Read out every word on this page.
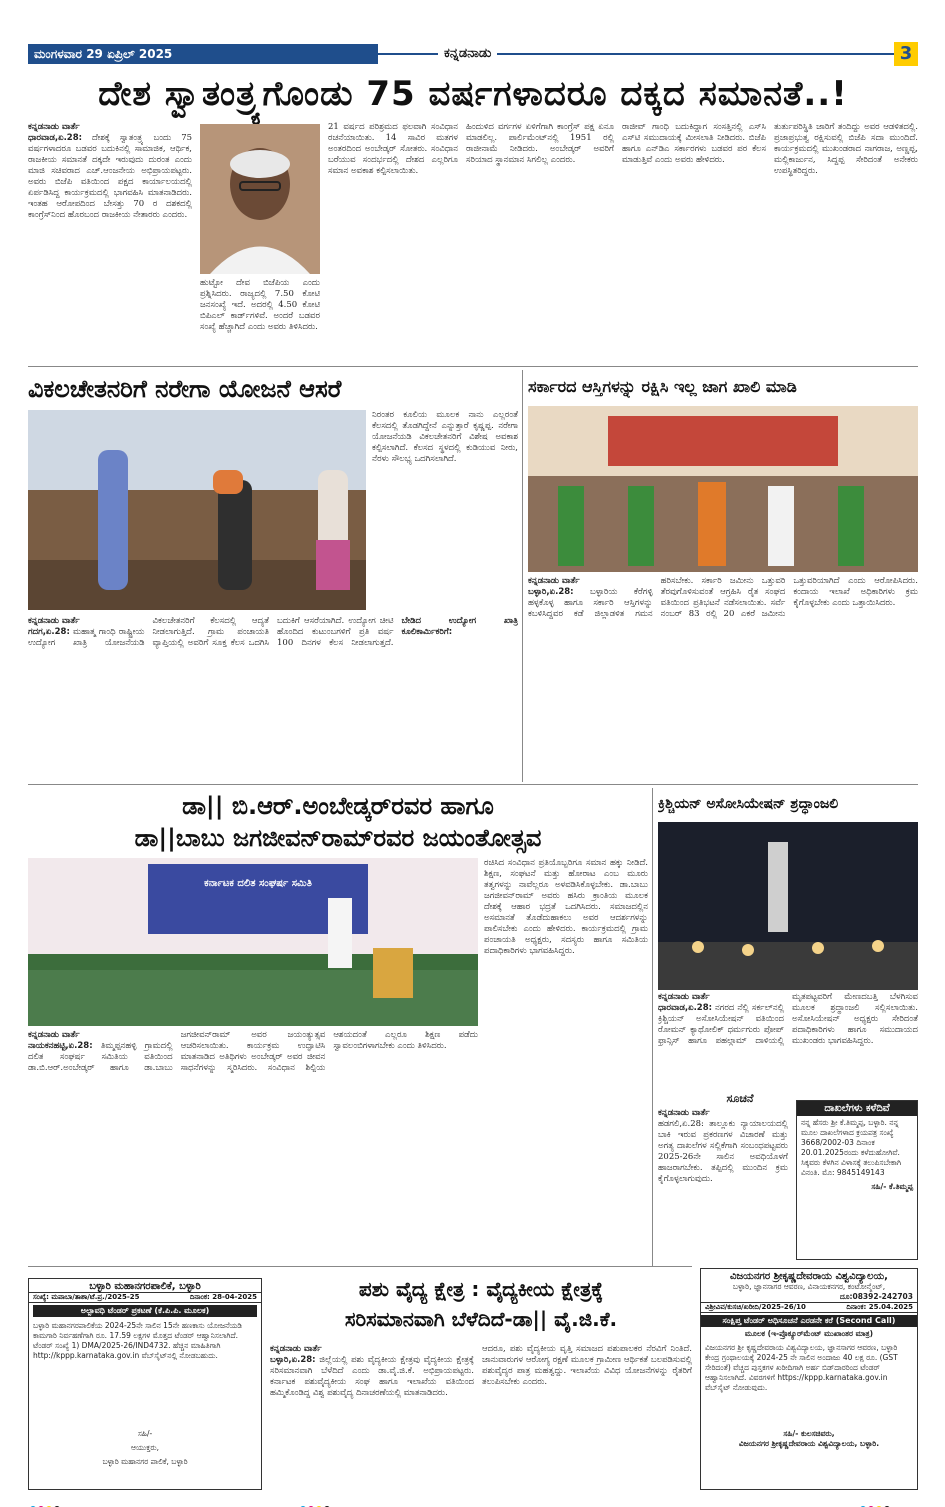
ಮಂಗಳವಾರ 29 ಏಪ್ರಿಲ್ 2025	ಕನ್ನಡನಾಡು	3
ದೇಶ ಸ್ವಾತಂತ್ರ್ಯಗೊಂಡು 75 ವರ್ಷಗಳಾದರೂ ದಕ್ಕದ ಸಮಾನತೆ..!
ಕನ್ನಡನಾಡು ವಾರ್ತೆ
ಧಾರವಾಡ,ಏ.28: ದೇಶಕ್ಕೆ ಸ್ವಾತಂತ್ರ್ಯ ಬಂದು 75 ವರ್ಷಗಳಾದರೂ ಬಡವರ ಬದುಕಿನಲ್ಲಿ ಸಾಮಾಜಿಕ, ಆರ್ಥಿಕ, ರಾಜಕೀಯ ಸಮಾನತೆ ದಕ್ಕದೇ ಇರುವುದು ದುರಂತ ಎಂದು ಮಾಜಿ ಸಚಿವರಾದ ಎಚ್.ಆಂಜನೇಯ ಅಭಿಪ್ರಾಯಪಟ್ಟರು. ಅವರು ಬಿಜೆಪಿ ವತಿಯಿಂದ ಪಕ್ಷದ ಕಾರ್ಯಾಲಯದಲ್ಲಿ ಏರ್ಪಡಿಸಿದ್ದ ಕಾರ್ಯಕ್ರಮದಲ್ಲಿ ಭಾಗವಹಿಸಿ ಮಾತನಾಡಿದರು. ಇಂತಹ ಆರೋಪದಿಂದ ಬೇಸತ್ತು 70 ರ ದಶಕದಲ್ಲಿ ಕಾಂಗ್ರೆಸ್‌ನಿಂದ ಹೊರಬಂದ ರಾಜಕೀಯ ನೇತಾರರು ಎಂದರು.
ಹುಟ್ಟೋ ದೇವ ಬಿಜೆಪಿಯ ಎಂದು ಪ್ರಶ್ನಿಸಿದರು. ರಾಜ್ಯದಲ್ಲಿ 7.50 ಕೋಟಿ ಜನಸಂಖ್ಯೆ ಇದೆ. ಅದರಲ್ಲಿ 4.50 ಕೋಟಿ ಬಿಪಿಎಲ್ ಕಾರ್ಡ್‌ಗಳಿವೆ. ಅಂದರೆ ಬಡವರ ಸಂಖ್ಯೆ ಹೆಚ್ಚಾಗಿದೆ ಎಂದು ಅವರು ತಿಳಿಸಿದರು.
21 ವರ್ಷದ ಪರಿಶ್ರಮದ ಫಲವಾಗಿ ಸಂವಿಧಾನ ರಚನೆಯಾಯಿತು. 14 ಸಾವಿರ ಮತಗಳ ಅಂತರದಿಂದ ಅಂಬೇಡ್ಕರ್ ಸೋತರು. ಸಂವಿಧಾನ ಬರೆಯುವ ಸಂದರ್ಭದಲ್ಲಿ ದೇಶದ ಎಲ್ಲರಿಗೂ ಸಮಾನ ಅವಕಾಶ ಕಲ್ಪಿಸಲಾಯಿತು.
ಹಿಂದುಳಿದ ವರ್ಗಗಳ ಏಳಿಗೆಗಾಗಿ ಕಾಂಗ್ರೆಸ್ ಪಕ್ಷ ಏನೂ ಮಾಡಲಿಲ್ಲ. ಪಾರ್ಲಿಮೆಂಟ್‌ನಲ್ಲಿ 1951 ರಲ್ಲಿ ರಾಜೀನಾಮೆ ನೀಡಿದರು. ಅಂಬೇಡ್ಕರ್ ಅವರಿಗೆ ಸರಿಯಾದ ಸ್ಥಾನಮಾನ ಸಿಗಲಿಲ್ಲ ಎಂದರು.
ರಾಜೀವ್ ಗಾಂಧಿ ಬದುಕಿದ್ದಾಗ ಸಂಸತ್ತಿನಲ್ಲಿ ಎಸ್‌ಸಿ ಎಸ್‌ಟಿ ಸಮುದಾಯಕ್ಕೆ ಮೀಸಲಾತಿ ನೀಡಿದರು. ಬಿಜೆಪಿ ಹಾಗೂ ಎನ್‌ಡಿಎ ಸರ್ಕಾರಗಳು ಬಡವರ ಪರ ಕೆಲಸ ಮಾಡುತ್ತಿವೆ ಎಂದು ಅವರು ಹೇಳಿದರು.
ತುರ್ತುಪರಿಸ್ಥಿತಿ ಜಾರಿಗೆ ತಂದಿದ್ದು ಅವರ ಆಡಳಿತದಲ್ಲಿ. ಪ್ರಜಾಪ್ರಭುತ್ವ ರಕ್ಷಿಸುವಲ್ಲಿ ಬಿಜೆಪಿ ಸದಾ ಮುಂದಿದೆ. ಕಾರ್ಯಕ್ರಮದಲ್ಲಿ ಮುಖಂಡರಾದ ನಾಗರಾಜ, ಅಣ್ಣಪ್ಪ, ಮಲ್ಲಿಕಾರ್ಜುನ, ಸಿದ್ದಪ್ಪ ಸೇರಿದಂತೆ ಅನೇಕರು ಉಪಸ್ಥಿತರಿದ್ದರು.
ವಿಕಲಚೇತನರಿಗೆ ನರೇಗಾ ಯೋಜನೆ ಆಸರೆ
ನಿರಂತರ ಕೂಲಿಯ ಮೂಲಕ ನಾನು ಎಲ್ಲರಂತೆ ಕೆಲಸದಲ್ಲಿ ತೊಡಗಿದ್ದೇನೆ ಎನ್ನುತ್ತಾರೆ ಕೃಷ್ಣಪ್ಪ. ನರೇಗಾ ಯೋಜನೆಯಡಿ ವಿಕಲಚೇತನರಿಗೆ ವಿಶೇಷ ಅವಕಾಶ ಕಲ್ಪಿಸಲಾಗಿದೆ. ಕೆಲಸದ ಸ್ಥಳದಲ್ಲಿ ಕುಡಿಯುವ ನೀರು, ನೆರಳು ಸೌಲಭ್ಯ ಒದಗಿಸಲಾಗಿದೆ.
ಕನ್ನಡನಾಡು ವಾರ್ತೆ
ಗದಗ,ಏ.28: ಮಹಾತ್ಮ ಗಾಂಧಿ ರಾಷ್ಟ್ರೀಯ ಉದ್ಯೋಗ ಖಾತ್ರಿ ಯೋಜನೆಯಡಿ ವಿಕಲಚೇತನರಿಗೆ ಕೆಲಸದಲ್ಲಿ ಆದ್ಯತೆ ನೀಡಲಾಗುತ್ತಿದೆ. ಗ್ರಾಮ ಪಂಚಾಯತಿ ವ್ಯಾಪ್ತಿಯಲ್ಲಿ ಅವರಿಗೆ ಸೂಕ್ತ ಕೆಲಸ ಒದಗಿಸಿ ಬದುಕಿಗೆ ಆಸರೆಯಾಗಿದೆ. ಉದ್ಯೋಗ ಚೀಟಿ ಹೊಂದಿದ ಕುಟುಂಬಗಳಿಗೆ ಪ್ರತಿ ವರ್ಷ 100 ದಿನಗಳ ಕೆಲಸ ನೀಡಲಾಗುತ್ತದೆ. ಬೇಡಿದ ಉದ್ಯೋಗ ಖಾತ್ರಿ ಕೂಲಿಕಾರ್ಮಿಕರಿಗೆ:
ಸರ್ಕಾರದ ಆಸ್ತಿಗಳನ್ನು ರಕ್ಷಿಸಿ ಇಲ್ಲ ಜಾಗ ಖಾಲಿ ಮಾಡಿ
ಕನ್ನಡನಾಡು ವಾರ್ತೆ
ಬಳ್ಳಾರಿ,ಏ.28: ಬಳ್ಳಾರಿಯ ಕೆರೆಗಳ್ಳಿ ಹಳ್ಳಕೊಳ್ಳ ಹಾಗೂ ಸರ್ಕಾರಿ ಆಸ್ತಿಗಳನ್ನು ಕಬಳಿಸಿದ್ದವರ ಕಡೆ ಜಿಲ್ಲಾಡಳಿತ ಗಮನ ಹರಿಸಬೇಕು. ಸರ್ಕಾರಿ ಜಮೀನು ಒತ್ತುವರಿ ತೆರವುಗೊಳಿಸುವಂತೆ ಆಗ್ರಹಿಸಿ ರೈತ ಸಂಘದ ವತಿಯಿಂದ ಪ್ರತಿಭಟನೆ ನಡೆಸಲಾಯಿತು. ಸರ್ವೆ ನಂಬರ್ 83 ರಲ್ಲಿ 20 ಎಕರೆ ಜಮೀನು ಒತ್ತುವರಿಯಾಗಿದೆ ಎಂದು ಆರೋಪಿಸಿದರು. ಕಂದಾಯ ಇಲಾಖೆ ಅಧಿಕಾರಿಗಳು ಕ್ರಮ ಕೈಗೊಳ್ಳಬೇಕು ಎಂದು ಒತ್ತಾಯಿಸಿದರು.
ಡಾ|| ಬಿ.ಆರ್.ಅಂಬೇಡ್ಕರ್‌ರವರ ಹಾಗೂ
ಡಾ||ಬಾಬು ಜಗಜೀವನ್‌ರಾಮ್‌ರವರ ಜಯಂತೋತ್ಸವ
ಕರ್ನಾಟಕ ದಲಿತ ಸಂಘರ್ಷ ಸಮಿತಿ
ರಚಿಸಿದ ಸಂವಿಧಾನ ಪ್ರತಿಯೊಬ್ಬರಿಗೂ ಸಮಾನ ಹಕ್ಕು ನೀಡಿದೆ. ಶಿಕ್ಷಣ, ಸಂಘಟನೆ ಮತ್ತು ಹೋರಾಟ ಎಂಬ ಮೂರು ತತ್ವಗಳನ್ನು ನಾವೆಲ್ಲರೂ ಅಳವಡಿಸಿಕೊಳ್ಳಬೇಕು. ಡಾ.ಬಾಬು ಜಗಜೀವನ್‌ರಾಮ್ ಅವರು ಹಸಿರು ಕ್ರಾಂತಿಯ ಮೂಲಕ ದೇಶಕ್ಕೆ ಆಹಾರ ಭದ್ರತೆ ಒದಗಿಸಿದರು. ಸಮಾಜದಲ್ಲಿನ ಅಸಮಾನತೆ ತೊಡೆದುಹಾಕಲು ಅವರ ಆದರ್ಶಗಳನ್ನು ಪಾಲಿಸಬೇಕು ಎಂದು ಹೇಳಿದರು. ಕಾರ್ಯಕ್ರಮದಲ್ಲಿ ಗ್ರಾಮ ಪಂಚಾಯತಿ ಅಧ್ಯಕ್ಷರು, ಸದಸ್ಯರು ಹಾಗೂ ಸಮಿತಿಯ ಪದಾಧಿಕಾರಿಗಳು ಭಾಗವಹಿಸಿದ್ದರು.
ಕನ್ನಡನಾಡು ವಾರ್ತೆ
ನಾಯಕನಹಟ್ಟಿ,ಏ.28: ತಿಮ್ಮಪ್ಪನಹಳ್ಳಿ ಗ್ರಾಮದಲ್ಲಿ ದಲಿತ ಸಂಘರ್ಷ ಸಮಿತಿಯ ವತಿಯಿಂದ ಡಾ.ಬಿ.ಆರ್.ಅಂಬೇಡ್ಕರ್ ಹಾಗೂ ಡಾ.ಬಾಬು ಜಗಜೀವನ್‌ರಾಮ್ ಅವರ ಜಯಂತ್ಯುತ್ಸವ ಆಚರಿಸಲಾಯಿತು. ಕಾರ್ಯಕ್ರಮ ಉದ್ಘಾಟಿಸಿ ಮಾತನಾಡಿದ ಅತಿಥಿಗಳು ಅಂಬೇಡ್ಕರ್ ಅವರ ಜೀವನ ಸಾಧನೆಗಳನ್ನು ಸ್ಮರಿಸಿದರು. ಸಂವಿಧಾನ ಶಿಲ್ಪಿಯ ಆಶಯದಂತೆ ಎಲ್ಲರೂ ಶಿಕ್ಷಣ ಪಡೆದು ಸ್ವಾವಲಂಬಿಗಳಾಗಬೇಕು ಎಂದು ತಿಳಿಸಿದರು.
ಕ್ರಿಶ್ಚಿಯನ್ ಅಸೋಸಿಯೇಷನ್ ಶ್ರದ್ಧಾಂಜಲಿ
ಕನ್ನಡನಾಡು ವಾರ್ತೆ
ಧಾರವಾಡ,ಏ.28: ನಗರದ ನೆಲ್ಲಿ ಸರ್ಕಲ್‌ನಲ್ಲಿ ಕ್ರಿಶ್ಚಿಯನ್ ಅಸೋಸಿಯೇಷನ್ ವತಿಯಿಂದ ರೋಮನ್ ಕ್ಯಾಥೋಲಿಕ್ ಧರ್ಮಗುರು ಪೋಪ್ ಫ್ರಾನ್ಸಿಸ್ ಹಾಗೂ ಪಹಲ್ಗಾಮ್ ದಾಳಿಯಲ್ಲಿ ಮೃತಪಟ್ಟವರಿಗೆ ಮೇಣದಬತ್ತಿ ಬೆಳಗಿಸುವ ಮೂಲಕ ಶ್ರದ್ಧಾಂಜಲಿ ಸಲ್ಲಿಸಲಾಯಿತು. ಅಸೋಸಿಯೇಷನ್ ಅಧ್ಯಕ್ಷರು ಸೇರಿದಂತೆ ಪದಾಧಿಕಾರಿಗಳು ಹಾಗೂ ಸಮುದಾಯದ ಮುಖಂಡರು ಭಾಗವಹಿಸಿದ್ದರು.
ಸೂಚನೆ
ಕನ್ನಡನಾಡು ವಾರ್ತೆ
ಹಡಗಲಿ,ಏ.28: ತಾಲ್ಲೂಕು ನ್ಯಾಯಾಲಯದಲ್ಲಿ ಬಾಕಿ ಇರುವ ಪ್ರಕರಣಗಳ ವಿಚಾರಣೆ ಮತ್ತು ಅಗತ್ಯ ದಾಖಲೆಗಳ ಸಲ್ಲಿಕೆಗಾಗಿ ಸಂಬಂಧಪಟ್ಟವರು 2025-26ನೇ ಸಾಲಿನ ಅವಧಿಯೊಳಗೆ ಹಾಜರಾಗಬೇಕು. ತಪ್ಪಿದಲ್ಲಿ ಮುಂದಿನ ಕ್ರಮ ಕೈಗೊಳ್ಳಲಾಗುವುದು.
ದಾಖಲೆಗಳು ಕಳೆದಿವೆ
ನನ್ನ ಹೆಸರು ಶ್ರೀ ಕೆ.ತಿಮ್ಮಪ್ಪ, ಬಳ್ಳಾರಿ. ನನ್ನ ಮೂಲ ದಾಖಲೆಗಳಾದ ಕ್ರಯಪತ್ರ ಸಂಖ್ಯೆ 3668/2002-03 ದಿನಾಂಕ 20.01.2025ರಂದು ಕಳೆದುಹೋಗಿವೆ. ಸಿಕ್ಕವರು ಕೆಳಗಿನ ವಿಳಾಸಕ್ಕೆ ತಲುಪಿಸಬೇಕಾಗಿ ವಿನಂತಿ. ಮೊ: 9845149143
ಸಹಿ/- ಕೆ.ತಿಮ್ಮಪ್ಪ
ವಿಜಯನಗರ ಶ್ರೀಕೃಷ್ಣದೇವರಾಯ ವಿಶ್ವವಿದ್ಯಾಲಯ,
ಬಳ್ಳಾರಿ, ಜ್ಞಾನಸಾಗರ ಆವರಣ, ವಿನಾಯಕನಗರ, ಕಂಟೋನ್ಮೆಂಟ್,
ದೂ:08392-242703
ವಿಶ್ರೀವಿವ/ಕುಸಚಿ/ಖರೀದಿ/2025-26/10	ದಿನಾಂಕ: 25.04.2025
ಸಂಕ್ಷಿಪ್ತ ಟೆಂಡರ್ ಅಧಿಸೂಚನೆ ಎರಡನೇ ಕರೆ (Second Call)
ಮೂಲಕ (ಇ-ಪ್ರೊಕ್ಯೂರ್‌ಮೆಂಟ್ ಮುಖಾಂತರ ಮಾತ್ರ)
ವಿಜಯನಗರ ಶ್ರೀ ಕೃಷ್ಣದೇವರಾಯ ವಿಶ್ವವಿದ್ಯಾಲಯ, ಜ್ಞಾನಸಾಗರ ಆವರಣ, ಬಳ್ಳಾರಿ ಕೇಂದ್ರ ಗ್ರಂಥಾಲಯಕ್ಕೆ 2024-25 ನೇ ಸಾಲಿನ ಅಂದಾಜು 40 ಲಕ್ಷ ರೂ. (GST ಸೇರಿದಂತೆ) ವೆಚ್ಚದ ಪುಸ್ತಕಗಳ ಖರೀದಿಗಾಗಿ ಅರ್ಹ ಬಿಡ್‌ದಾರರಿಂದ ಟೆಂಡರ್ ಆಹ್ವಾನಿಸಲಾಗಿದೆ. ವಿವರಗಳಿಗೆ https://kppp.karnataka.gov.in ವೆಬ್‌ಸೈಟ್ ನೋಡುವುದು.
ಸಹಿ/- ಕುಲಸಚಿವರು,
ವಿಜಯನಗರ ಶ್ರೀಕೃಷ್ಣದೇವರಾಯ ವಿಶ್ವವಿದ್ಯಾಲಯ, ಬಳ್ಳಾರಿ.
ಬಳ್ಳಾರಿ ಮಹಾನಗರಪಾಲಿಕೆ, ಬಳ್ಳಾರಿ
ಸಂಖ್ಯೆ: ಮಪಾಬಾ/ತಾಶಾ/ಟೆ.ಪ್ರ./2025-25	ದಿನಾಂಕ: 28-04-2025
ಅಲ್ಪಾವಧಿ ಟೆಂಡರ್ ಪ್ರಕಟಣೆ (ಕೆ.ಪಿ.ಪಿ. ಮೂಲಕ)
ಬಳ್ಳಾರಿ ಮಹಾನಗರಪಾಲಿಕೆಯ 2024-25ನೇ ಸಾಲಿನ 15ನೇ ಹಣಕಾಸು ಯೋಜನೆಯಡಿ ಕಾಮಗಾರಿ ನಿರ್ವಹಣೆಗಾಗಿ ರೂ. 17.59 ಲಕ್ಷಗಳ ಮೊತ್ತದ ಟೆಂಡರ್ ಆಹ್ವಾನಿಸಲಾಗಿದೆ. ಟೆಂಡರ್ ಸಂಖ್ಯೆ 1) DMA/2025-26/IND4732. ಹೆಚ್ಚಿನ ಮಾಹಿತಿಗಾಗಿ http://kppp.karnataka.gov.in ವೆಬ್‌ಸೈಟ್‌ನಲ್ಲಿ ನೋಡಬಹುದು.
ಸಹಿ/-
ಆಯುಕ್ತರು,
ಬಳ್ಳಾರಿ ಮಹಾನಗರ ಪಾಲಿಕೆ, ಬಳ್ಳಾರಿ
ಪಶು ವೈದ್ಯ ಕ್ಷೇತ್ರ : ವೈದ್ಯಕೀಯ ಕ್ಷೇತ್ರಕ್ಕೆ
ಸರಿಸಮಾನವಾಗಿ ಬೆಳೆದಿದೆ-ಡಾ|| ವೈ.ಜಿ.ಕೆ.
ಕನ್ನಡನಾಡು ವಾರ್ತೆ
ಬಳ್ಳಾರಿ,ಏ.28: ಜಿಲ್ಲೆಯಲ್ಲಿ ಪಶು ವೈದ್ಯಕೀಯ ಕ್ಷೇತ್ರವು ವೈದ್ಯಕೀಯ ಕ್ಷೇತ್ರಕ್ಕೆ ಸರಿಸಮಾನವಾಗಿ ಬೆಳೆದಿದೆ ಎಂದು ಡಾ.ವೈ.ಜಿ.ಕೆ. ಅಭಿಪ್ರಾಯಪಟ್ಟರು. ಕರ್ನಾಟಕ ಪಶುವೈದ್ಯಕೀಯ ಸಂಘ ಹಾಗೂ ಇಲಾಖೆಯ ವತಿಯಿಂದ ಹಮ್ಮಿಕೊಂಡಿದ್ದ ವಿಶ್ವ ಪಶುವೈದ್ಯ ದಿನಾಚರಣೆಯಲ್ಲಿ ಮಾತನಾಡಿದರು.
ಆದರೂ, ಪಶು ವೈದ್ಯಕೀಯ ವೃತ್ತಿ ಸಮಾಜದ ಪಶುಪಾಲಕರ ನೆರವಿಗೆ ನಿಂತಿದೆ. ಜಾನುವಾರುಗಳ ಆರೋಗ್ಯ ರಕ್ಷಣೆ ಮೂಲಕ ಗ್ರಾಮೀಣ ಆರ್ಥಿಕತೆ ಬಲಪಡಿಸುವಲ್ಲಿ ಪಶುವೈದ್ಯರ ಪಾತ್ರ ಮಹತ್ವದ್ದು. ಇಲಾಖೆಯ ವಿವಿಧ ಯೋಜನೆಗಳನ್ನು ರೈತರಿಗೆ ತಲುಪಿಸಬೇಕು ಎಂದರು.
